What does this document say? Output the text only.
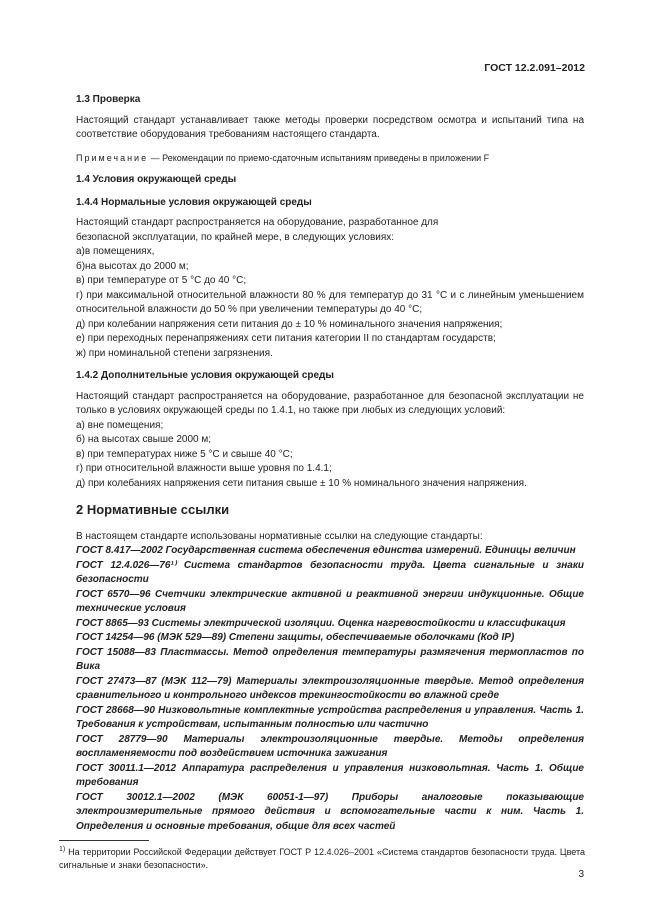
ГОСТ 12.2.091–2012
1.3 Проверка

Настоящий стандарт устанавливает также методы проверки посредством осмотра и испытаний типа на соответствие оборудования требованиям настоящего стандарта.

Примечание — Рекомендации по приемо-сдаточным испытаниям приведены в приложении F

1.4 Условия окружающей среды
1.4.4 Нормальные условия окружающей среды

Настоящий стандарт распространяется на оборудование, разработанное для

безопасной эксплуатации, по крайней мере, в следующих условиях:

а)в помещениях,

б)на высотах до 2000 м;

в) при температуре от 5 °С до 40 °С;

г) при максимальной относительной влажности 80 % для температур до 31 °С и с линейным уменьшением относительной влажности до 50 % при увеличении температуры до 40 °С;

д) при колебании напряжения сети питания до ± 10 % номинального значения напряжения;

е) при переходных перенапряжениях сети питания категории II по стандартам государств;

ж) при номинальной степени загрязнения.

1.4.2 Дополнительные условия окружающей среды

Настоящий стандарт распространяется на оборудование, разработанное для безопасной эксплуатации не только в условиях окружающей среды по 1.4.1, но также при любых из следующих условий:

а) вне помещения;

б) на высотах свыше 2000 м;

в) при температурах ниже 5 °С и свыше 40 °С;

г) при относительной влажности выше уровня по 1.4.1;

д) при колебаниях напряжения сети питания свыше ± 10 % номинального значения напряжения.

2 Нормативные ссылки

В настоящем стандарте использованы нормативные ссылки на следующие стандарты:

ГОСТ 8.417—2002 Государственная система обеспечения единства измерений. Единицы величин

ГОСТ 12.4.026—76¹⁾ Система стандартов безопасности труда. Цвета сигнальные и знаки безопасности

ГОСТ 6570—96 Счетчики электрические активной и реактивной энергии индукционные. Общие технические условия

ГОСТ 8865—93 Системы электрической изоляции. Оценка нагревостойкости и классификация

ГОСТ 14254—96 (МЭК 529—89) Степени защиты, обеспечиваемые оболочками (Код IP)

ГОСТ 15088—83 Пластмассы. Метод определения температуры размягчения термопластов по Вика

ГОСТ 27473—87 (МЭК 112—79) Материалы электроизоляционные твердые. Метод определения сравнительного и контрольного индексов трекингостойкости во влажной среде

ГОСТ 28668—90 Низковольтные комплектные устройства распределения и управления. Часть 1. Требования к устройствам, испытанным полностью или частично

ГОСТ 28779—90 Материалы электроизоляционные твердые. Методы определения воспламеняемости под воздействием источника зажигания

ГОСТ 30011.1—2012 Аппаратура распределения и управления низковольтная. Часть 1. Общие требования

ГОСТ 30012.1—2002 (МЭК 60051-1—97) Приборы аналоговые показывающие электроизмерительные прямого действия и вспомогательные части к ним. Часть 1. Определения и основные требования, общие для всех частей

$^{1)}$ На территории Российской Федерации действует ГОСТ Р 12.4.026–2001 «Система стандартов безопасности труда. Цвета сигнальные и знаки безопасности».
3
